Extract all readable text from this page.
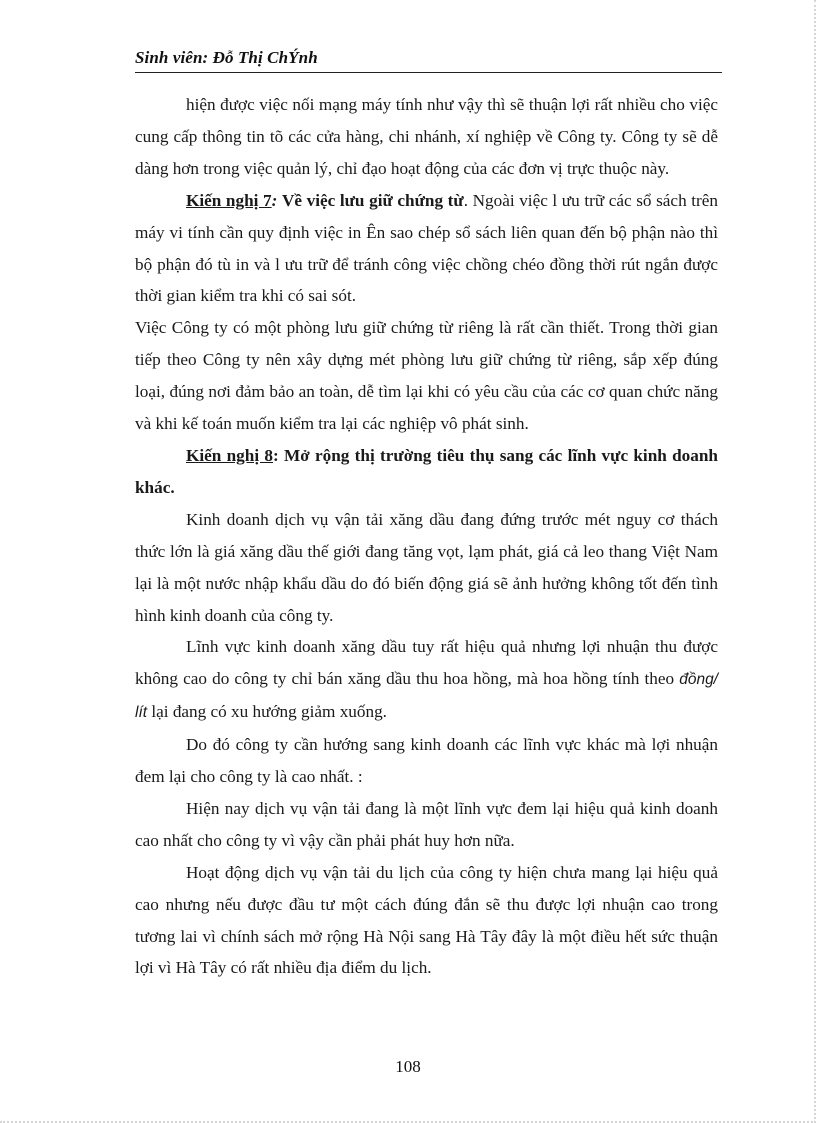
Sinh viên: Đỗ Thị ChÝnh

hiện được việc nối mạng máy tính như vậy thì sẽ thuận lợi rất nhiều cho việc cung cấp thông tin tõ các cửa hàng, chi nhánh, xí nghiệp về Công ty. Công ty sẽ dễ dàng hơn trong việc quản lý, chỉ đạo hoạt động của các đơn vị trực thuộc này.

Kiến nghị 7: Về việc lưu giữ chứng từ. Ngoài việc l ưu trữ các sổ sách trên máy vi tính cần quy định việc in Ên sao chép sổ sách liên quan đến bộ phận nào thì bộ phận đó tù in và l ưu trữ để tránh công việc chồng chéo đồng thời rút ngắn được thời gian kiểm tra khi có sai sót.

Việc Công ty có một phòng lưu giữ chứng từ riêng là rất cần thiết. Trong thời gian tiếp theo Công ty nên xây dựng mét phòng lưu giữ chứng từ riêng, sắp xếp đúng loại, đúng nơi đảm bảo an toàn, dễ tìm lại khi có yêu cầu của các cơ quan chức năng và khi kế toán muốn kiểm tra lại các nghiệp vô phát sinh.

Kiến nghị 8: Mở rộng thị trường tiêu thụ sang các lĩnh vực kinh doanh khác.

Kinh doanh dịch vụ vận tải xăng dầu đang đứng trước mét nguy cơ thách thức lớn là giá xăng dầu thế giới đang tăng vọt, lạm phát, giá cả leo thang Việt Nam lại là một nước nhập khẩu dầu do đó biến động giá sẽ ảnh hưởng không tốt đến tình hình kinh doanh của công ty.

Lĩnh vực kinh doanh xăng dầu tuy rất hiệu quả nhưng lợi nhuận thu được không cao do công ty chỉ bán xăng dầu thu hoa hồng, mà hoa hồng tính theo đồng/ lít lại đang có xu hướng giảm xuống.

Do đó công ty cần hướng sang kinh doanh các lĩnh vực khác mà lợi nhuận đem lại cho công ty là cao nhất. :

Hiện nay dịch vụ vận tải đang là một lĩnh vực đem lại hiệu quả kinh doanh cao nhất cho công ty vì vậy cần phải phát huy hơn nữa.

Hoạt động dịch vụ vận tải du lịch của công ty hiện chưa mang lại hiệu quả cao nhưng nếu được đầu tư một cách đúng đắn sẽ thu được lợi nhuận cao trong tương lai vì chính sách mở rộng Hà Nội sang Hà Tây đây là một điều hết sức thuận lợi vì Hà Tây có rất nhiều địa điểm du lịch.

108
